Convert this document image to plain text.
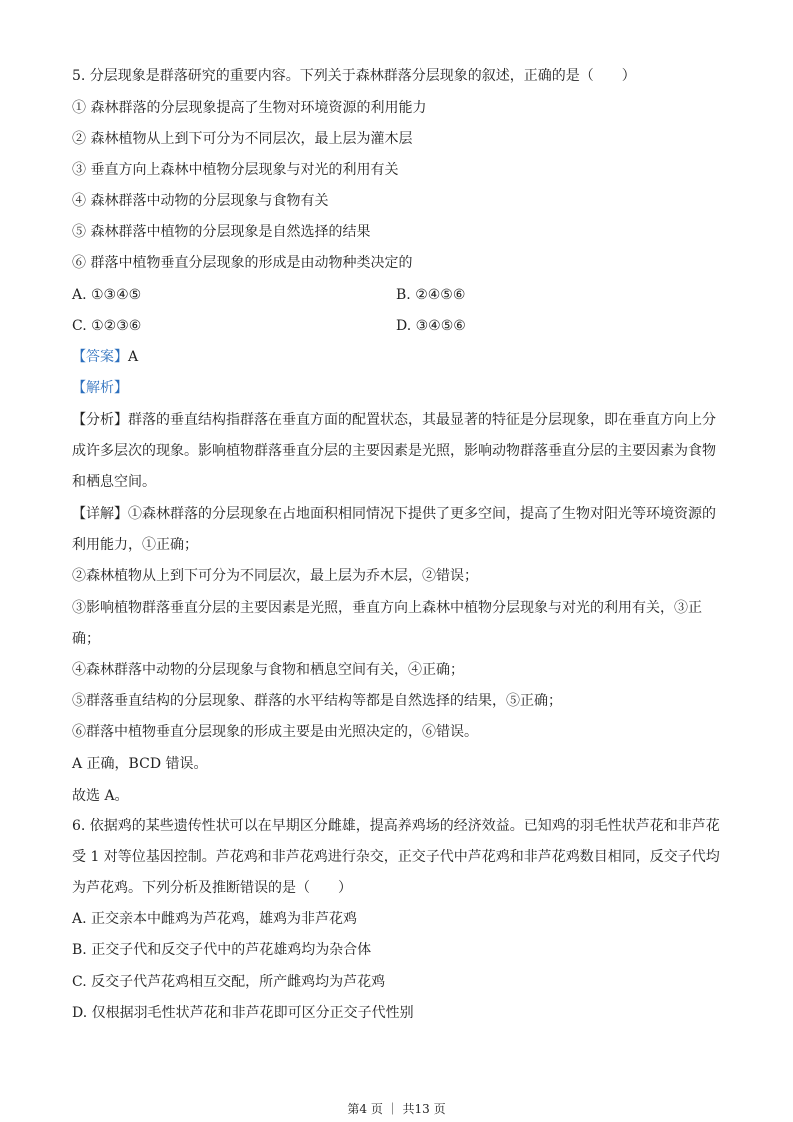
5. 分层现象是群落研究的重要内容。下列关于森林群落分层现象的叙述，正确的是（　　）
① 森林群落的分层现象提高了生物对环境资源的利用能力
② 森林植物从上到下可分为不同层次，最上层为灌木层
③ 垂直方向上森林中植物分层现象与对光的利用有关
④ 森林群落中动物的分层现象与食物有关
⑤ 森林群落中植物的分层现象是自然选择的结果
⑥ 群落中植物垂直分层现象的形成是由动物种类决定的
A. ①③④⑤	B. ②④⑤⑥
C. ①②③⑥	D. ③④⑤⑥
【答案】A
【解析】
【分析】群落的垂直结构指群落在垂直方面的配置状态，其最显著的特征是分层现象，即在垂直方向上分
成许多层次的现象。影响植物群落垂直分层的主要因素是光照，影响动物群落垂直分层的主要因素为食物
和栖息空间。
【详解】①森林群落的分层现象在占地面积相同情况下提供了更多空间，提高了生物对阳光等环境资源的
利用能力，①正确；
②森林植物从上到下可分为不同层次，最上层为乔木层，②错误；
③影响植物群落垂直分层的主要因素是光照，垂直方向上森林中植物分层现象与对光的利用有关，③正
确；
④森林群落中动物的分层现象与食物和栖息空间有关，④正确；
⑤群落垂直结构的分层现象、群落的水平结构等都是自然选择的结果，⑤正确；
⑥群落中植物垂直分层现象的形成主要是由光照决定的，⑥错误。
A 正确，BCD 错误。
故选 A。
6. 依据鸡的某些遗传性状可以在早期区分雌雄，提高养鸡场的经济效益。已知鸡的羽毛性状芦花和非芦花
受 1 对等位基因控制。芦花鸡和非芦花鸡进行杂交，正交子代中芦花鸡和非芦花鸡数目相同，反交子代均
为芦花鸡。下列分析及推断错误的是（　　）
A. 正交亲本中雌鸡为芦花鸡，雄鸡为非芦花鸡
B. 正交子代和反交子代中的芦花雄鸡均为杂合体
C. 反交子代芦花鸡相互交配，所产雌鸡均为芦花鸡
D. 仅根据羽毛性状芦花和非芦花即可区分正交子代性别
第4 页 ｜ 共13 页
